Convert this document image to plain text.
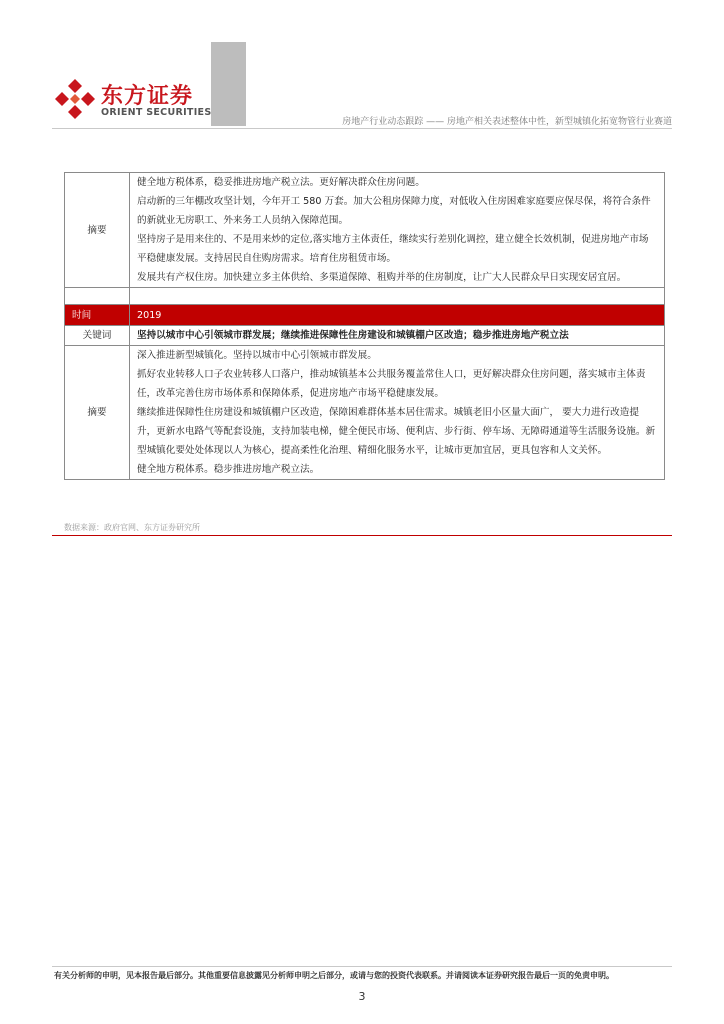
东方证券
ORIENT SECURITIES
房地产行业动态跟踪 —— 房地产相关表述整体中性，新型城镇化拓宽物管行业赛道
摘要	健全地方税体系，稳妥推进房地产税立法。更好解决群众住房问题。

启动新的三年棚改攻坚计划，今年开工 580 万套。加大公租房保障力度，对低收入住房困难家庭要应保尽保，将符合条件的新就业无房职工、外来务工人员纳入保障范围。

坚持房子是用来住的、不是用来炒的定位,落实地方主体责任，继续实行差别化调控，建立健全长效机制，促进房地产市场平稳健康发展。支持居民自住购房需求。培育住房租赁市场。

发展共有产权住房。加快建立多主体供给、多渠道保障、租购并举的住房制度，让广大人民群众早日实现安居宜居。

时间	2019
关键词	坚持以城市中心引领城市群发展；继续推进保障性住房建设和城镇棚户区改造；稳步推进房地产税立法
摘要	深入推进新型城镇化。坚持以城市中心引领城市群发展。

抓好农业转移人口子农业转移人口落户，推动城镇基本公共服务覆盖常住人口，更好解决群众住房问题，落实城市主体责任，改革完善住房市场体系和保障体系，促进房地产市场平稳健康发展。

继续推进保障性住房建设和城镇棚户区改造，保障困难群体基本居住需求。城镇老旧小区量大面广， 要大力进行改造提升，更新水电路气等配套设施，支持加装电梯，健全便民市场、便利店、步行街、停车场、无障碍通道等生活服务设施。新型城镇化要处处体现以人为核心，提高柔性化治理、精细化服务水平，让城市更加宜居，更具包容和人文关怀。

健全地方税体系。稳步推进房地产税立法。

数据来源：政府官网、东方证券研究所
有关分析师的申明，见本报告最后部分。其他重要信息披露见分析师申明之后部分，或请与您的投资代表联系。并请阅读本证券研究报告最后一页的免责申明。
3
